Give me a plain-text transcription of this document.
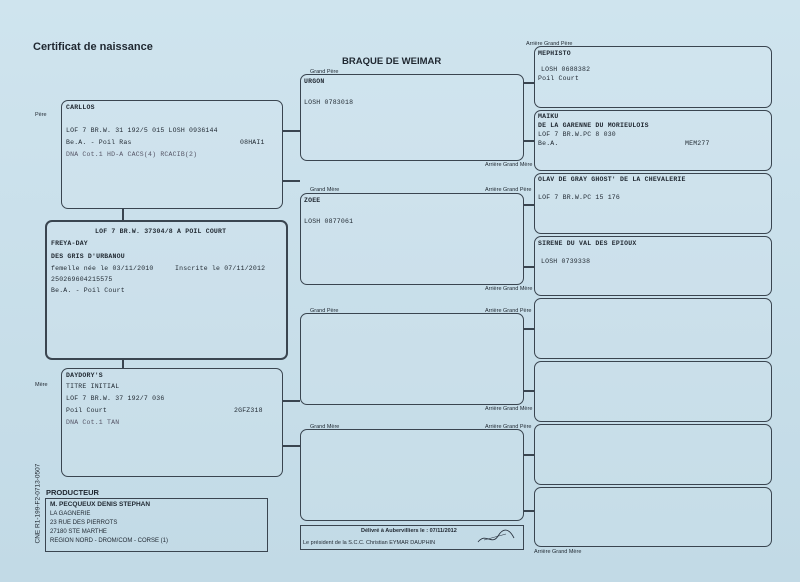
Certificat de naissance
BRAQUE DE WEIMAR
CNE R1-199-F2-0713-0507
Père
Mère
CARLLOS
LOF 7 BR.W. 31 192/5 015 LOSH 0936144
Be.A. - Poil Ras	08HAI1
DNA Cot.1 HD-A CACS(4) RCACIB(2)
LOF 7 BR.W. 37304/8 A POIL COURT
FREYA-DAY
DES GRIS D'URBANOU
femelle née le 03/11/2010	Inscrite le 07/11/2012
250269604215575
Be.A. - Poil Court
DAYDORY'S
TITRE INITIAL
LOF 7 BR.W. 37 192/7 036
Poil Court	2GFZ318
DNA Cot.1 TAN
Grand Père
URGON
LOSH 0783018
Arrière Grand Mère
Grand Mère	Arrière Grand Père
ZOEE
LOSH 0877061
Arrière Grand Mère
Grand Père	Arrière Grand Père
Arrière Grand Mère
Grand Mère	Arrière Grand Père
Arrière Grand Père
MEPHISTO
LOSH 0688382
Poil Court
MAIKU
DE LA GARENNE DU MORIEULOIS
LOF 7 BR.W.PC 8 030
Be.A.	MEM277
OLAV DE GRAY GHOST' DE LA CHEVALERIE
LOF 7 BR.W.PC 15 176
SIRENE DU VAL DES EPIOUX
LOSH 0739338
Arrière Grand Mère
PRODUCTEUR
M. PECQUEUX DENIS STEPHAN
LA GAGNERIE
23 RUE DES PIERROTS
27180 STE MARTHE
REGION NORD - DROM/COM - CORSE (1)
Délivré à Aubervilliers le : 07/11/2012
Le président de la S.C.C. Christian EYMAR DAUPHIN
